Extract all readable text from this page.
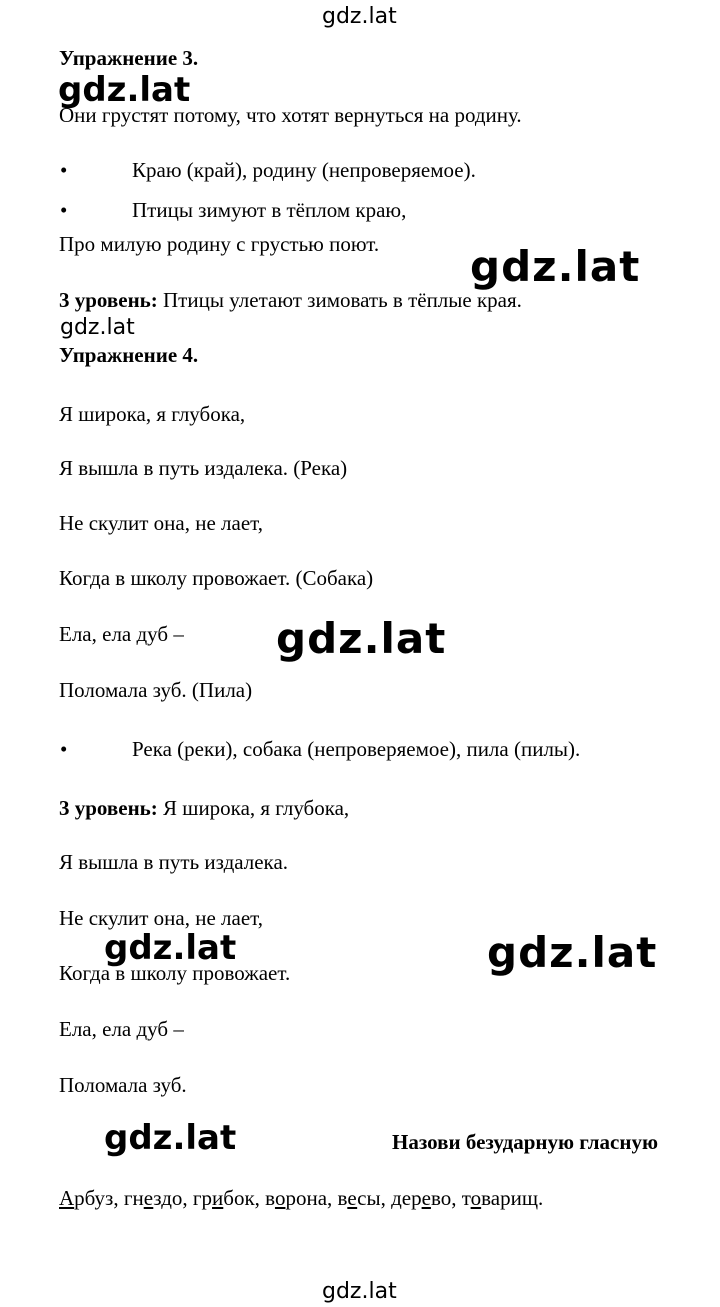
gdz.lat
gdz.lat
gdz.lat
gdz.lat
gdz.lat
gdz.lat	gdz.lat
gdz.lat
gdz.lat
Упражнение 3.
Они грустят потому, что хотят вернуться на родину.
•	Краю (край), родину (непроверяемое).
•	Птицы зимуют в тёплом краю,
Про милую родину с грустью поют.
3 уровень: Птицы улетают зимовать в тёплые края.
Упражнение 4.
Я широка, я глубока,
Я вышла в путь издалека. (Река)
Не скулит она, не лает,
Когда в школу провожает. (Собака)
Ела, ела дуб –
Поломала зуб. (Пила)
•	Река (реки), собака (непроверяемое), пила (пилы).
3 уровень: Я широка, я глубока,
Я вышла в путь издалека.
Не скулит она, не лает,
Когда в школу провожает.
Ела, ела дуб –
Поломала зуб.
Назови безударную гласную
Арбуз, гнездо, грибок, ворона, весы, дерево, товарищ.
